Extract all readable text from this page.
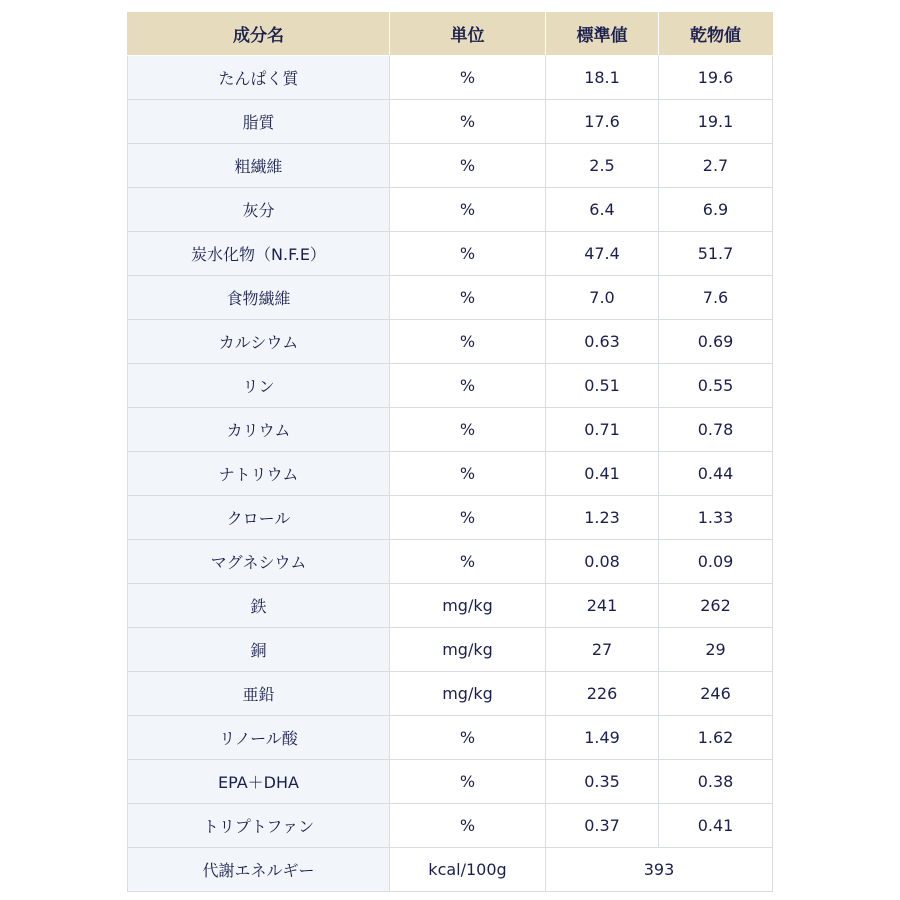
成分名	単位	標準値	乾物値
たんぱく質	%	18.1	19.6
脂質	%	17.6	19.1
粗繊維	%	2.5	2.7
灰分	%	6.4	6.9
炭水化物（N.F.E）	%	47.4	51.7
食物繊維	%	7.0	7.6
カルシウム	%	0.63	0.69
リン	%	0.51	0.55
カリウム	%	0.71	0.78
ナトリウム	%	0.41	0.44
クロール	%	1.23	1.33
マグネシウム	%	0.08	0.09
鉄	mg/kg	241	262
銅	mg/kg	27	29
亜鉛	mg/kg	226	246
リノール酸	%	1.49	1.62
EPA＋DHA	%	0.35	0.38
トリプトファン	%	0.37	0.41
代謝エネルギー	kcal/100g	393	
